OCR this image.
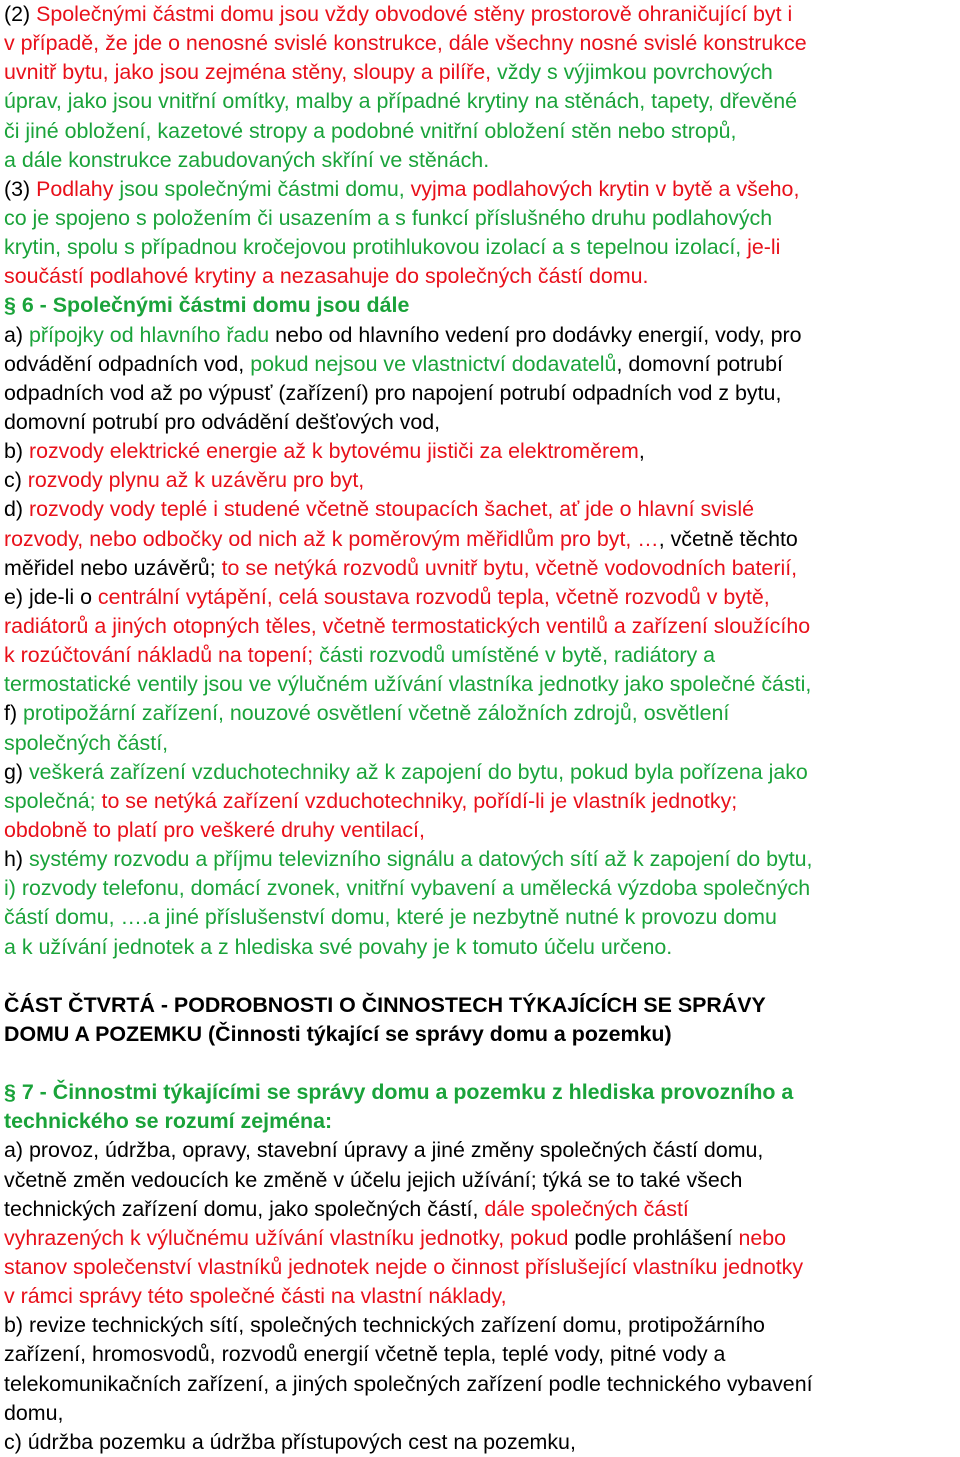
(2) Společnými částmi domu jsou vždy obvodové stěny prostorově ohraničující byt i
v případě, že jde o nenosné svislé konstrukce, dále všechny nosné svislé konstrukce
uvnitř bytu, jako jsou zejména stěny, sloupy a pilíře, vždy s výjimkou povrchových
úprav, jako jsou vnitřní omítky, malby a případné krytiny na stěnách, tapety, dřevěné
či jiné obložení, kazetové stropy a podobné vnitřní obložení stěn nebo stropů,
a dále konstrukce zabudovaných skříní ve stěnách.
(3) Podlahy jsou společnými částmi domu, vyjma podlahových krytin v bytě a všeho,
co je spojeno s položením či usazením a s funkcí příslušného druhu podlahových
krytin, spolu s případnou kročejovou protihlukovou izolací a s tepelnou izolací, je-li
součástí podlahové krytiny a nezasahuje do společných částí domu.
§ 6 - Společnými částmi domu jsou dále
a) přípojky od hlavního řadu nebo od hlavního vedení pro dodávky energií, vody, pro
odvádění odpadních vod, pokud nejsou ve vlastnictví dodavatelů, domovní potrubí
odpadních vod až po výpusť (zařízení) pro napojení potrubí odpadních vod z bytu,
domovní potrubí pro odvádění dešťových vod,
b) rozvody elektrické energie až k bytovému jističi za elektroměrem,
c) rozvody plynu až k uzávěru pro byt,
d) rozvody vody teplé i studené včetně stoupacích šachet, ať jde o hlavní svislé
rozvody, nebo odbočky od nich až k poměrovým měřidlům pro byt, …, včetně těchto
měřidel nebo uzávěrů; to se netýká rozvodů uvnitř bytu, včetně vodovodních baterií,
e) jde-li o centrální vytápění, celá soustava rozvodů tepla, včetně rozvodů v bytě,
radiátorů a jiných otopných těles, včetně termostatických ventilů a zařízení sloužícího
k rozúčtování nákladů na topení; části rozvodů umístěné v bytě, radiátory a
termostatické ventily jsou ve výlučném užívání vlastníka jednotky jako společné části,
f) protipožární zařízení, nouzové osvětlení včetně záložních zdrojů, osvětlení
společných částí,
g) veškerá zařízení vzduchotechniky až k zapojení do bytu, pokud byla pořízena jako
společná; to se netýká zařízení vzduchotechniky, pořídí-li je vlastník jednotky;
obdobně to platí pro veškeré druhy ventilací,
h) systémy rozvodu a příjmu televizního signálu a datových sítí až k zapojení do bytu,
i) rozvody telefonu, domácí zvonek, vnitřní vybavení a umělecká výzdoba společných
částí domu, ….a jiné příslušenství domu, které je nezbytně nutné k provozu domu
a k užívání jednotek a z hlediska své povahy je k tomuto účelu určeno.
ČÁST ČTVRTÁ - PODROBNOSTI O ČINNOSTECH TÝKAJÍCÍCH SE SPRÁVY
DOMU A POZEMKU (Činnosti týkající se správy domu a pozemku)
§ 7 - Činnostmi týkajícími se správy domu a pozemku z hlediska provozního a
technického se rozumí zejména:
a) provoz, údržba, opravy, stavební úpravy a jiné změny společných částí domu,
včetně změn vedoucích ke změně v účelu jejich užívání; týká se to také všech
technických zařízení domu, jako společných částí, dále společných částí
vyhrazených k výlučnému užívání vlastníku jednotky, pokud podle prohlášení nebo
stanov společenství vlastníků jednotek nejde o činnost příslušející vlastníku jednotky
v rámci správy této společné části na vlastní náklady,
b) revize technických sítí, společných technických zařízení domu, protipožárního
zařízení, hromosvodů, rozvodů energií včetně tepla, teplé vody, pitné vody a
telekomunikačních zařízení, a jiných společných zařízení podle technického vybavení
domu,
c) údržba pozemku a údržba přístupových cest na pozemku,
